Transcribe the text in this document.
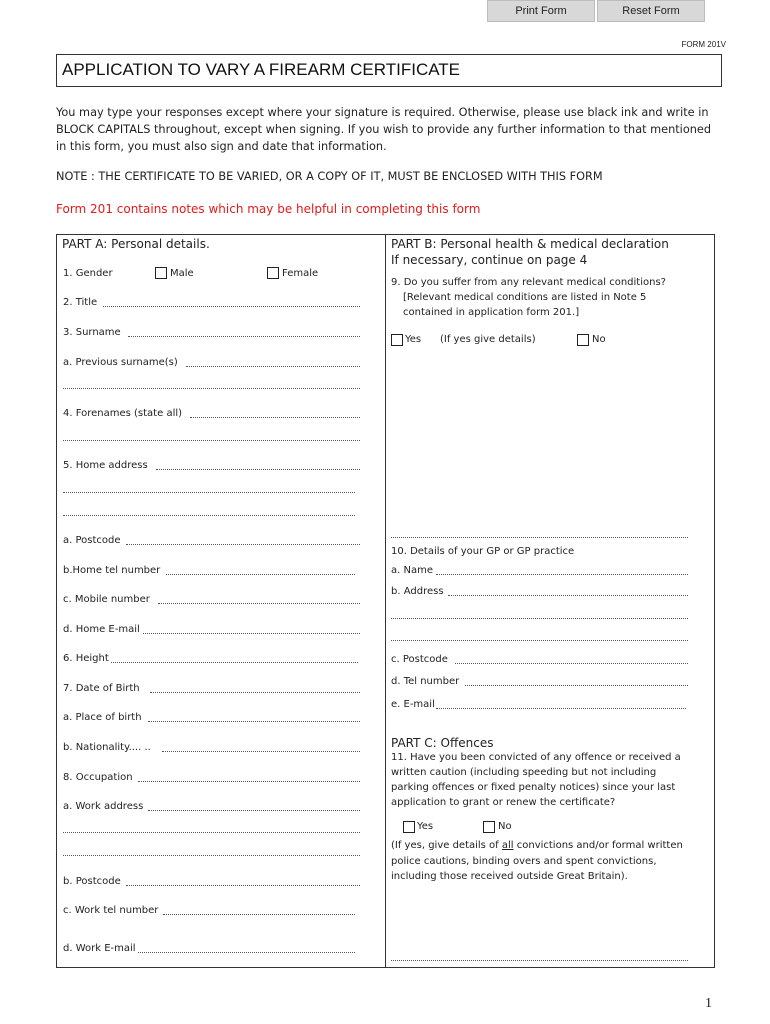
Print Form	Reset Form
FORM 201V
APPLICATION TO VARY A FIREARM CERTIFICATE
You may type your responses except where your signature is required. Otherwise, please use black ink and write in
BLOCK CAPITALS throughout, except when signing. If you wish to provide any further information to that mentioned
in this form, you must also sign and date that information.
NOTE : THE CERTIFICATE TO BE VARIED, OR A COPY OF IT, MUST BE ENCLOSED WITH THIS FORM
Form 201 contains notes which may be helpful in completing this form
PART A: Personal details.
1. Gender	Male	Female
2. Title
3. Surname
a. Previous surname(s)
4. Forenames (state all)
5. Home address
a. Postcode
b.Home tel number
c. Mobile number
d. Home E-mail
6. Height
7. Date of Birth
a. Place of birth
b. Nationality.... ..
8. Occupation
a. Work address
b. Postcode
c. Work tel number
d. Work E-mail
PART B: Personal health & medical declaration
If necessary, continue on page 4
9. Do you suffer from any relevant medical conditions?
[Relevant medical conditions are listed in Note 5
contained in application form 201.]
Yes (If yes give details)	No
10. Details of your GP or GP practice
a. Name
b. Address
c. Postcode
d. Tel number
e. E-mail
PART C: Offences
11. Have you been convicted of any offence or received a
written caution (including speeding but not including
parking offences or fixed penalty notices) since your last
application to grant or renew the certificate?
Yes	No
(If yes, give details of all convictions and/or formal written
police cautions, binding overs and spent convictions,
including those received outside Great Britain).
1
